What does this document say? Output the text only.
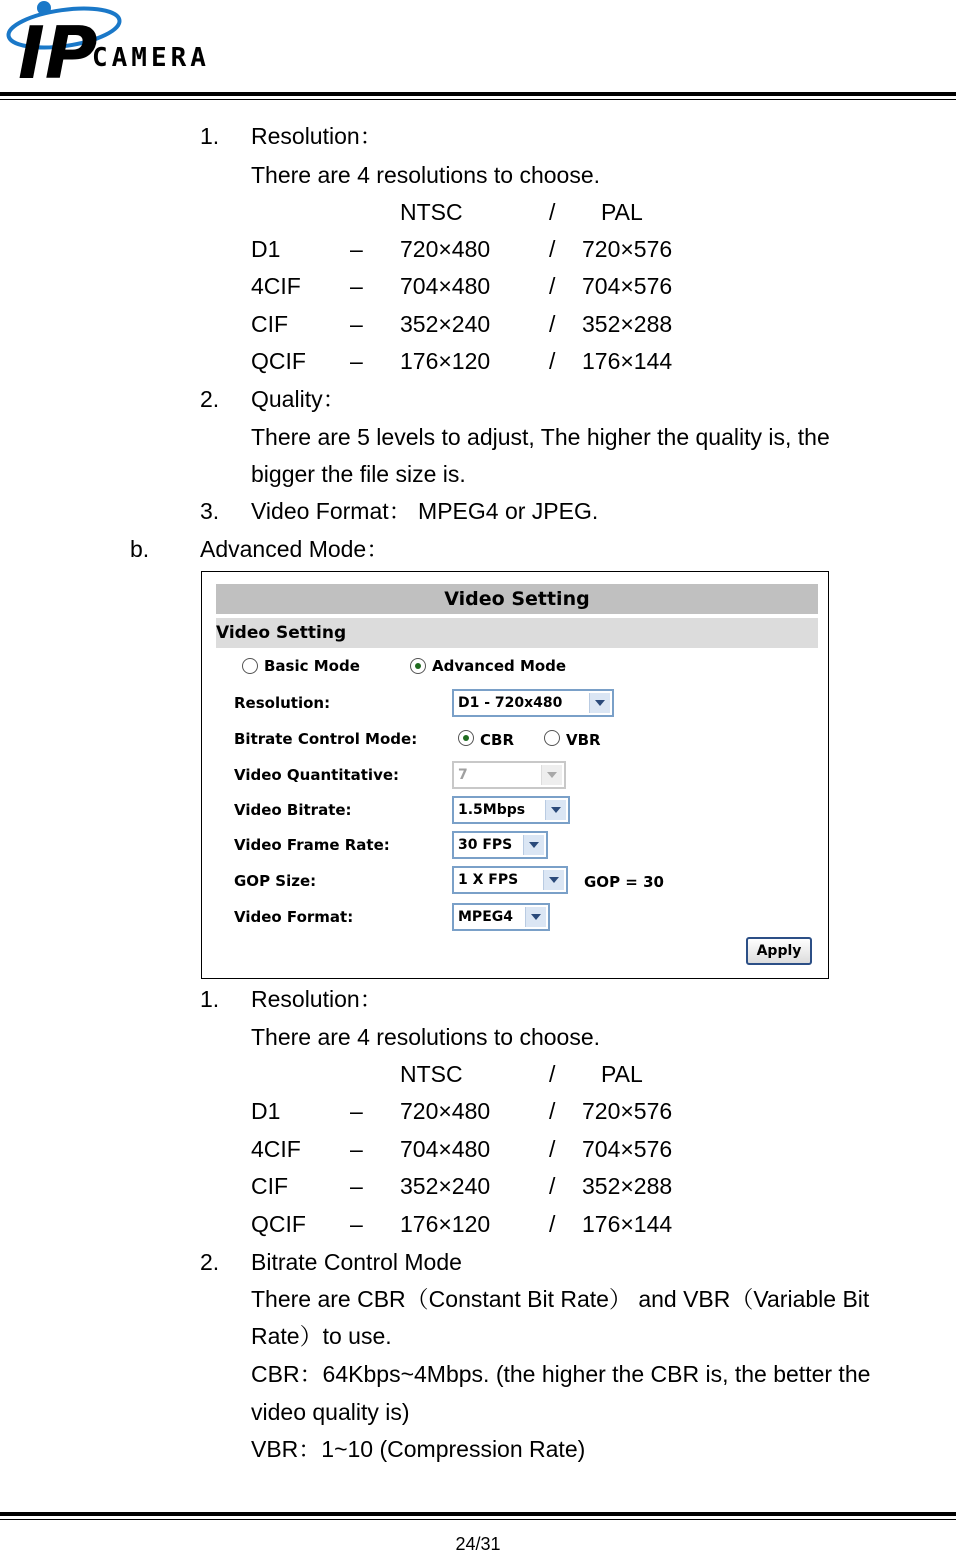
IP
CAMERA
1. Resolution：
There are 4 resolutions to choose.
NTSC	/ PAL
D1	– 720×480	/ 720×576
4CIF – 704×480	/ 704×576
CIF	– 352×240	/ 352×288
QCIF – 176×120	/ 176×144
2. Quality：
There are 5 levels to adjust, The higher the quality is, the
bigger the file size is.
3. Video Format： MPEG4 or JPEG.
b. Advanced Mode：
Video Setting
Video Setting
Basic Mode	Advanced Mode
Resolution:	D1 - 720x480
Bitrate Control Mode:	CBR	VBR
Video Quantitative:	7
Video Bitrate:	1.5Mbps
Video Frame Rate:	30 FPS
GOP Size:	1 X FPS	GOP = 30
Video Format:	MPEG4
Apply
1. Resolution：
There are 4 resolutions to choose.
NTSC	/ PAL
D1	– 720×480	/ 720×576
4CIF – 704×480	/ 704×576
CIF	– 352×240	/ 352×288
QCIF – 176×120	/ 176×144
2. Bitrate Control Mode
There are CBR（Constant Bit Rate） and VBR（Variable Bit
Rate）to use.
CBR：64Kbps~4Mbps. (the higher the CBR is, the better the
video quality is)
VBR：1~10 (Compression Rate)
24/31
